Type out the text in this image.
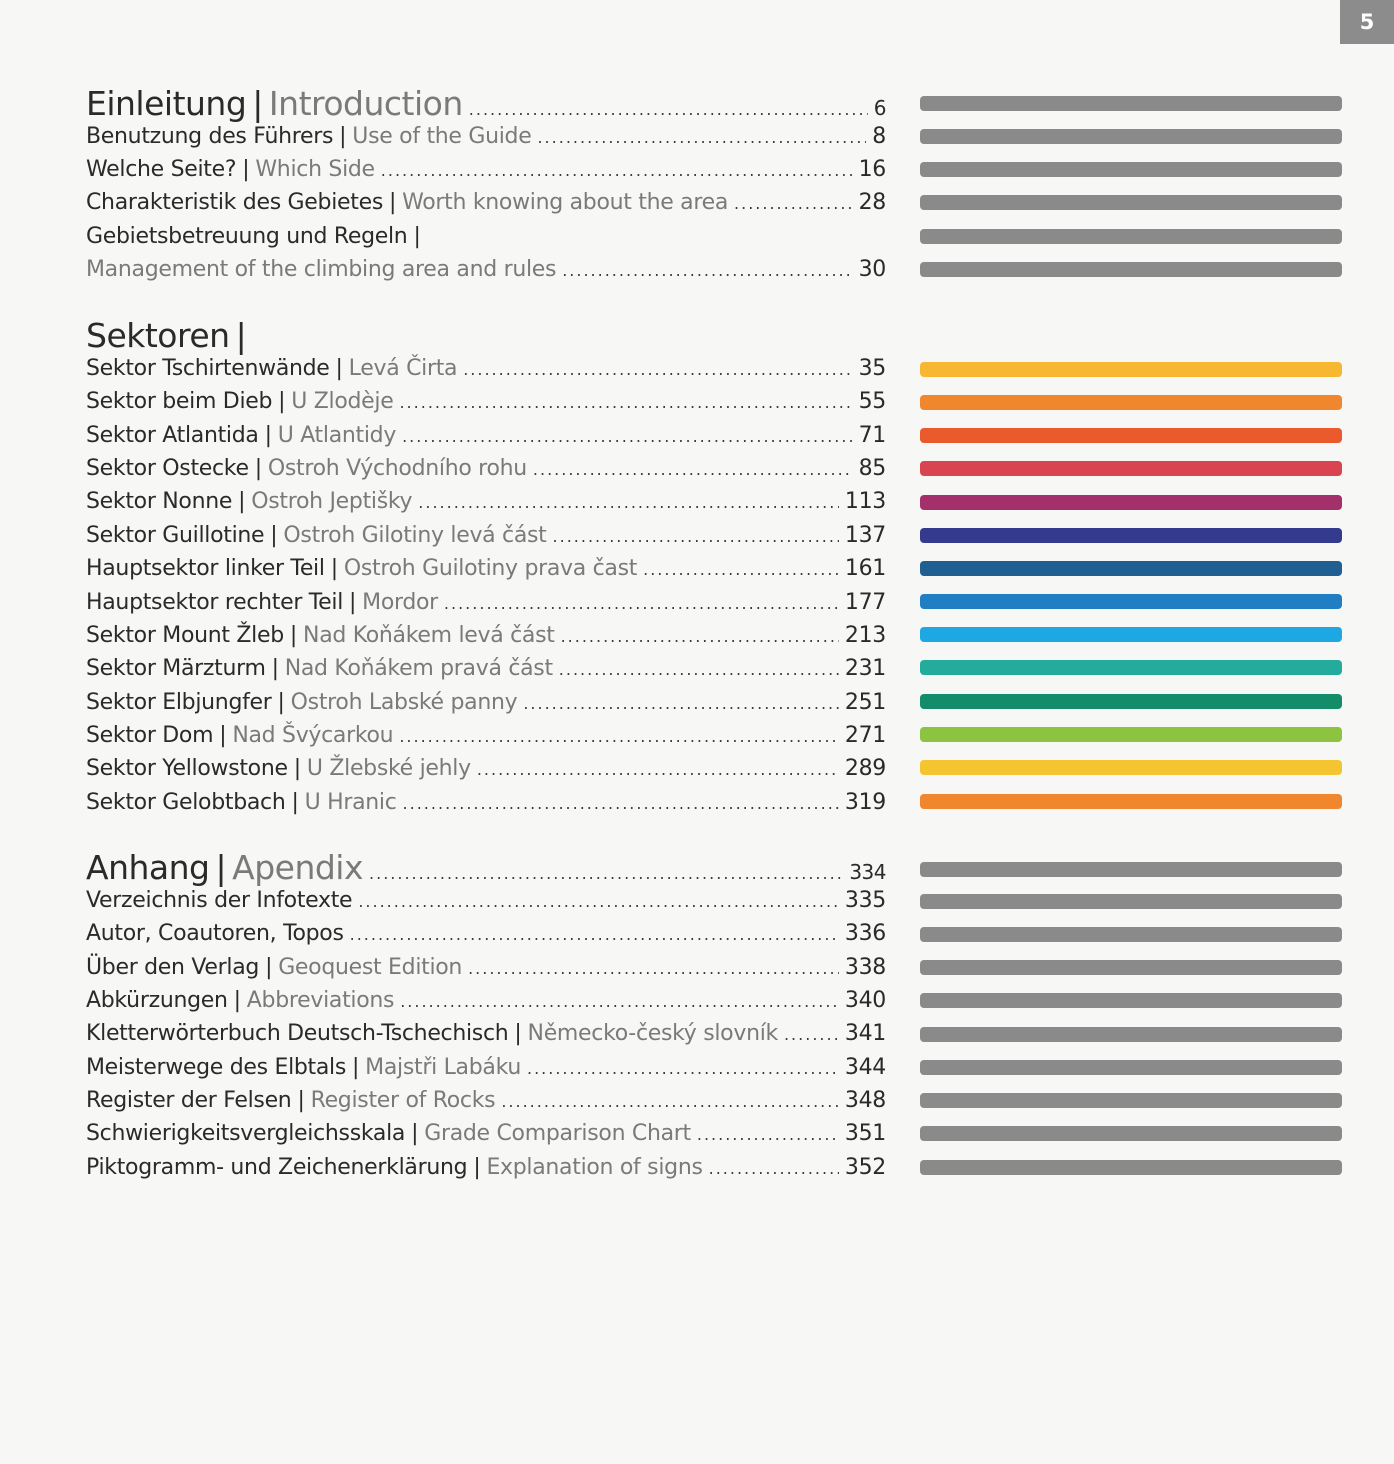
5
Einleitung | Introduction .....	6
Benutzung des Führers | Use of the Guide .....	8
Welche Seite? | Which Side .....	16
Charakteristik des Gebietes | Worth knowing about the area .....	28
Gebietsbetreuung und Regeln |
Management of the climbing area and rules .....	30
Sektoren |
Sektor Tschirtenwände | Levá Čirta .....	35
Sektor beim Dieb | U Zlodèje .....	55
Sektor Atlantida | U Atlantidy .....	71
Sektor Ostecke | Ostroh Východního rohu .....	85
Sektor Nonne | Ostroh Jeptišky .....	113
Sektor Guillotine | Ostroh Gilotiny levá část .....	137
Hauptsektor linker Teil | Ostroh Guilotiny prava čast .....	161
Hauptsektor rechter Teil | Mordor .....	177
Sektor Mount Žleb | Nad Koňákem levá část .....	213
Sektor Märzturm | Nad Koňákem pravá část .....	231
Sektor Elbjungfer | Ostroh Labské panny .....	251
Sektor Dom | Nad Švýcarkou .....	271
Sektor Yellowstone | U Žlebské jehly .....	289
Sektor Gelobtbach | U Hranic .....	319
Anhang | Apendix .....	334
Verzeichnis der Infotexte .....	335
Autor, Coautoren, Topos .....	336
Über den Verlag | Geoquest Edition .....	338
Abkürzungen | Abbreviations .....	340
Kletterwörterbuch Deutsch-Tschechisch | Německo-český slovník .....	341
Meisterwege des Elbtals | Majstři Labáku .....	344
Register der Felsen | Register of Rocks .....	348
Schwierigkeitsvergleichsskala | Grade Comparison Chart .....	351
Piktogramm- und Zeichenerklärung | Explanation of signs .....	352
